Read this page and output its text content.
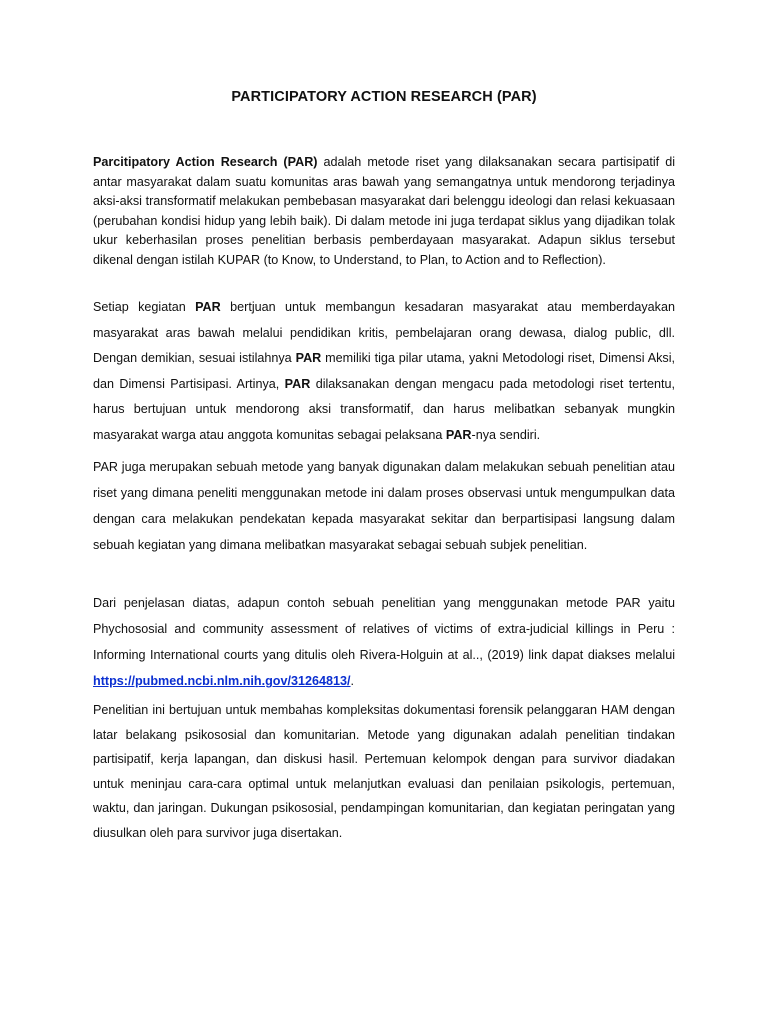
PARTICIPATORY ACTION RESEARCH (PAR)

Parcitipatory Action Research (PAR) adalah metode riset yang dilaksanakan secara partisipatif di antar masyarakat dalam suatu komunitas aras bawah yang semangatnya untuk mendorong terjadinya aksi-aksi transformatif melakukan pembebasan masyarakat dari belenggu ideologi dan relasi kekuasaan (perubahan kondisi hidup yang lebih baik). Di dalam metode ini juga terdapat siklus yang dijadikan tolak ukur keberhasilan proses penelitian berbasis pemberdayaan masyarakat. Adapun siklus tersebut dikenal dengan istilah KUPAR (to Know, to Understand, to Plan, to Action and to Reflection).

Setiap kegiatan PAR bertjuan untuk membangun kesadaran masyarakat atau memberdayakan masyarakat aras bawah melalui pendidikan kritis, pembelajaran orang dewasa, dialog public, dll. Dengan demikian, sesuai istilahnya PAR memiliki tiga pilar utama, yakni Metodologi riset, Dimensi Aksi, dan Dimensi Partisipasi. Artinya, PAR dilaksanakan dengan mengacu pada metodologi riset tertentu, harus bertujuan untuk mendorong aksi transformatif, dan harus melibatkan sebanyak mungkin masyarakat warga atau anggota komunitas sebagai pelaksana PAR-nya sendiri.

PAR juga merupakan sebuah metode yang banyak digunakan dalam melakukan sebuah penelitian atau riset yang dimana peneliti menggunakan metode ini dalam proses observasi untuk mengumpulkan data dengan cara melakukan pendekatan kepada masyarakat sekitar dan berpartisipasi langsung dalam sebuah kegiatan yang dimana melibatkan masyarakat sebagai sebuah subjek penelitian.

Dari penjelasan diatas, adapun contoh sebuah penelitian yang menggunakan metode PAR yaitu Phychososial and community assessment of relatives of victims of extra-judicial killings in Peru : Informing International courts yang ditulis oleh Rivera-Holguin at al.., (2019) link dapat diakses melalui https://pubmed.ncbi.nlm.nih.gov/31264813/.

Penelitian ini bertujuan untuk membahas kompleksitas dokumentasi forensik pelanggaran HAM dengan latar belakang psikososial dan komunitarian. Metode yang digunakan adalah penelitian tindakan partisipatif, kerja lapangan, dan diskusi hasil. Pertemuan kelompok dengan para survivor diadakan untuk meninjau cara-cara optimal untuk melanjutkan evaluasi dan penilaian psikologis, pertemuan, waktu, dan jaringan. Dukungan psikososial, pendampingan komunitarian, dan kegiatan peringatan yang diusulkan oleh para survivor juga disertakan.
